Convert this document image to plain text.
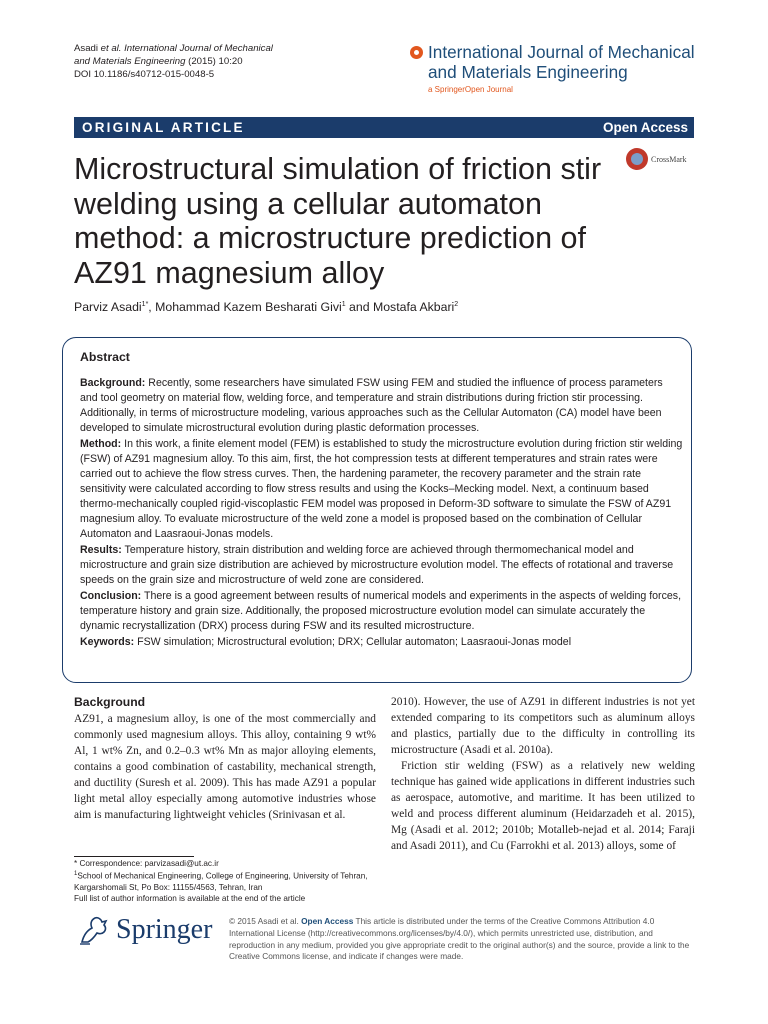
Asadi et al. International Journal of Mechanical
and Materials Engineering (2015) 10:20
DOI 10.1186/s40712-015-0048-5
International Journal of Mechanical
and Materials Engineering
a SpringerOpen Journal
ORIGINAL ARTICLE	Open Access
Microstructural simulation of friction stir welding using a cellular automaton method: a microstructure prediction of AZ91 magnesium alloy
CrossMark
Parviz Asadi$^{1*}$, Mohammad Kazem Besharati Givi$^1$ and Mostafa Akbari$^2$
Abstract

Background: Recently, some researchers have simulated FSW using FEM and studied the influence of process parameters and tool geometry on material flow, welding force, and temperature and strain distributions during friction stir processing. Additionally, in terms of microstructure modeling, various approaches such as the Cellular Automaton (CA) model have been developed to simulate microstructural evolution during plastic deformation processes.

Method: In this work, a finite element model (FEM) is established to study the microstructure evolution during friction stir welding (FSW) of AZ91 magnesium alloy. To this aim, first, the hot compression tests at different temperatures and strain rates were carried out to achieve the flow stress curves. Then, the hardening parameter, the recovery parameter and the strain rate sensitivity were calculated according to flow stress results and using the Kocks–Mecking model. Next, a continuum based thermo-mechanically coupled rigid-viscoplastic FEM model was proposed in Deform-3D software to simulate the FSW of AZ91 magnesium alloy. To evaluate microstructure of the weld zone a model is proposed based on the combination of Cellular Automaton and Laasraoui-Jonas models.

Results: Temperature history, strain distribution and welding force are achieved through thermomechanical model and microstructure and grain size distribution are achieved by microstructure evolution model. The effects of rotational and traverse speeds on the grain size and microstructure of weld zone are considered.

Conclusion: There is a good agreement between results of numerical models and experiments in the aspects of welding forces, temperature history and grain size. Additionally, the proposed microstructure evolution model can simulate accurately the dynamic recrystallization (DRX) process during FSW and its resulted microstructure.

Keywords: FSW simulation; Microstructural evolution; DRX; Cellular automaton; Laasraoui-Jonas model

Background

AZ91, a magnesium alloy, is one of the most commercially and commonly used magnesium alloys. This alloy, containing 9 wt% Al, 1 wt% Zn, and 0.2–0.3 wt% Mn as major alloying elements, contains a good combination of castability, mechanical strength, and ductility (Suresh et al. 2009). This has made AZ91 a popular light metal alloy especially among automotive industries whose aim is manufacturing lightweight vehicles (Srinivasan et al.

2010). However, the use of AZ91 in different industries is not yet extended comparing to its competitors such as aluminum alloys and plastics, partially due to the difficulty in controlling its microstructure (Asadi et al. 2010a).

Friction stir welding (FSW) as a relatively new welding technique has gained wide applications in different industries such as aerospace, automotive, and maritime. It has been utilized to weld and process different aluminum (Heidarzadeh et al. 2015), Mg (Asadi et al. 2012; 2010b; Motalleb-nejad et al. 2014; Faraji and Asadi 2011), and Cu (Farrokhi et al. 2013) alloys, some of

* Correspondence: parvizasadi@ut.ac.ir

$^1$School of Mechanical Engineering, College of Engineering, University of Tehran, Kargarshomali St, Po Box: 11155/4563, Tehran, Iran

Full list of author information is available at the end of the article

Springer © 2015 Asadi et al. Open Access This article is distributed under the terms of the Creative Commons Attribution 4.0 International License (http://creativecommons.org/licenses/by/4.0/), which permits unrestricted use, distribution, and reproduction in any medium, provided you give appropriate credit to the original author(s) and the source, provide a link to the Creative Commons license, and indicate if changes were made.
